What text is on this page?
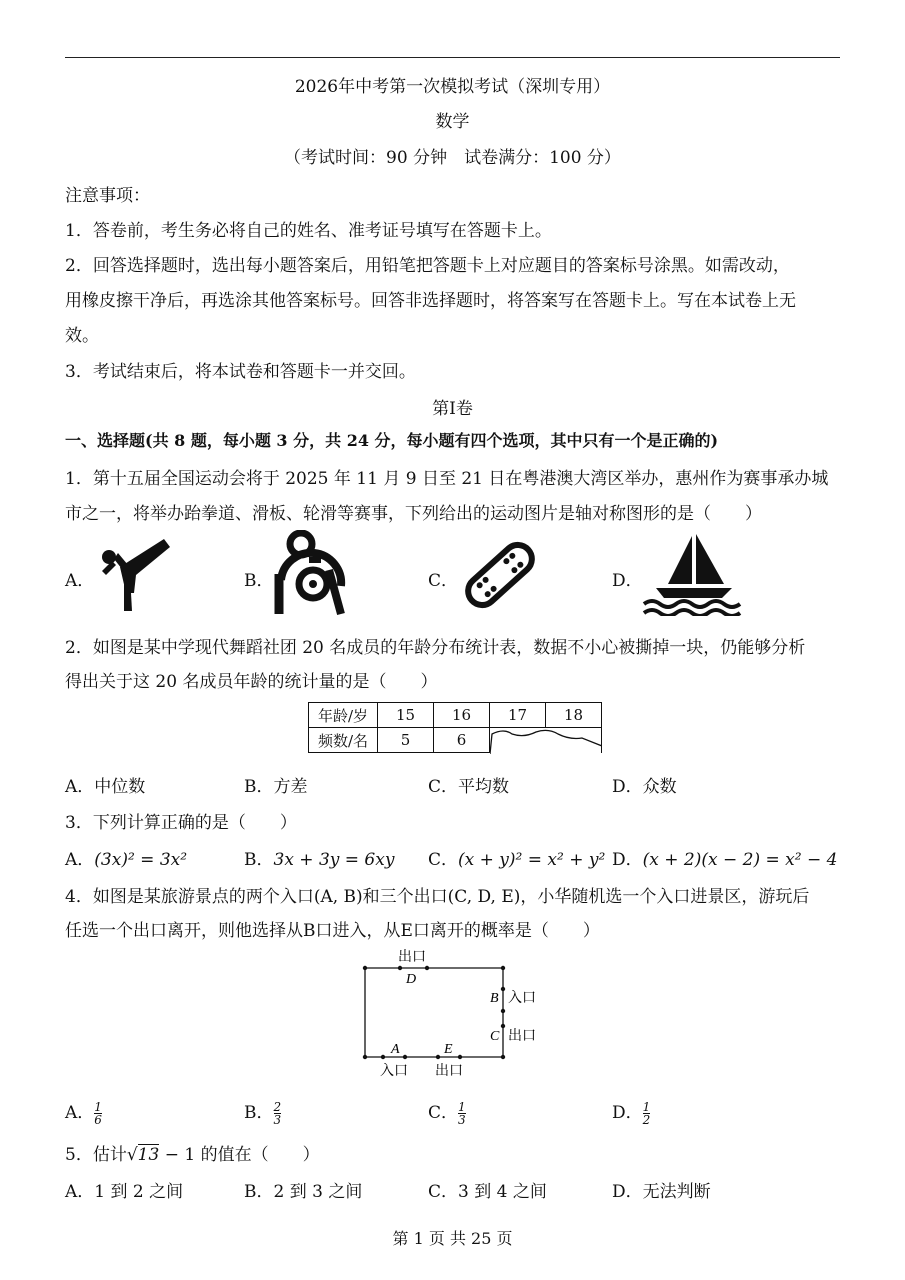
2026年中考第一次模拟考试（深圳专用）
数学
（考试时间：90 分钟　试卷满分：100 分）
注意事项：
1．答卷前，考生务必将自己的姓名、准考证号填写在答题卡上。
2．回答选择题时，选出每小题答案后，用铅笔把答题卡上对应题目的答案标号涂黑。如需改动，
用橡皮擦干净后，再选涂其他答案标号。回答非选择题时，将答案写在答题卡上。写在本试卷上无
效。
3．考试结束后，将本试卷和答题卡一并交回。
第Ⅰ卷
一、选择题(共 8 题，每小题 3 分，共 24 分，每小题有四个选项，其中只有一个是正确的)
1．第十五届全国运动会将于 2025 年 11 月 9 日至 21 日在粤港澳大湾区举办，惠州作为赛事承办城
市之一，将举办跆拳道、滑板、轮滑等赛事，下列给出的运动图片是轴对称图形的是（　　）
A．	B．	C．	D．
2．如图是某中学现代舞蹈社团 20 名成员的年龄分布统计表，数据不小心被撕掉一块，仍能够分析
得出关于这 20 名成员年龄的统计量的是（　　）
年龄/岁	15	16	17	18
频数/名	5	6	
A．中位数	B．方差	C．平均数	D．众数
3．下列计算正确的是（　　）
A．(3x)² = 3x²	B．3x + 3y = 6xy C．(x + y)² = x² + y² D．(x + 2)(x − 2) = x² − 4
4．如图是某旅游景点的两个入口(A, B)和三个出口(C, D, E)，小华随机选一个入口进景区，游玩后
任选一个出口离开，则他选择从B口进入，从E口离开的概率是（　　）
出口
D
B 入口
C 出口
A	E
入口 出口
A． $\frac{1}{6}$	B． $\frac{2}{3}$	C． $\frac{1}{3}$	D． $\frac{1}{2}$
5．估计√13 − 1 的值在（　　）
A．1 到 2 之间	B．2 到 3 之间	C．3 到 4 之间	D．无法判断
第 1 页 共 25 页
